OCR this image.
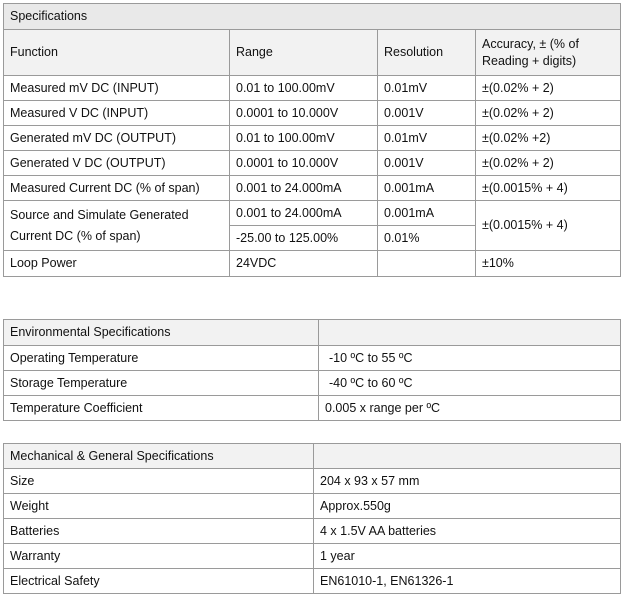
Specifications			
Function	Range	Resolution	Accuracy, ± (% of Reading + digits)
Measured mV DC (INPUT)	0.01 to 100.00mV	0.01mV	±(0.02% + 2)
Measured V DC (INPUT)	0.0001 to 10.000V	0.001V	±(0.02% + 2)
Generated mV DC (OUTPUT)	0.01 to 100.00mV	0.01mV	±(0.02% +2)
Generated V DC (OUTPUT)	0.0001 to 10.000V	0.001V	±(0.02% + 2)
Measured Current DC (% of span)	0.001 to 24.000mA	0.001mA	±(0.0015% + 4)
Source and Simulate Generated Current DC (% of span)	0.001 to 24.000mA	0.001mA	±(0.0015% + 4)
	-25.00 to 125.00%	0.01%	
Loop Power	24VDC		±10%
Environmental Specifications	
Operating Temperature	-10 ºC to 55 ºC
Storage Temperature	-40 ºC to 60 ºC
Temperature Coefficient	0.005 x range per ºC
Mechanical & General Specifications	
Size	204 x 93 x 57 mm
Weight	Approx.550g
Batteries	4 x 1.5V AA batteries
Warranty	1 year
Electrical Safety	EN61010-1, EN61326-1
